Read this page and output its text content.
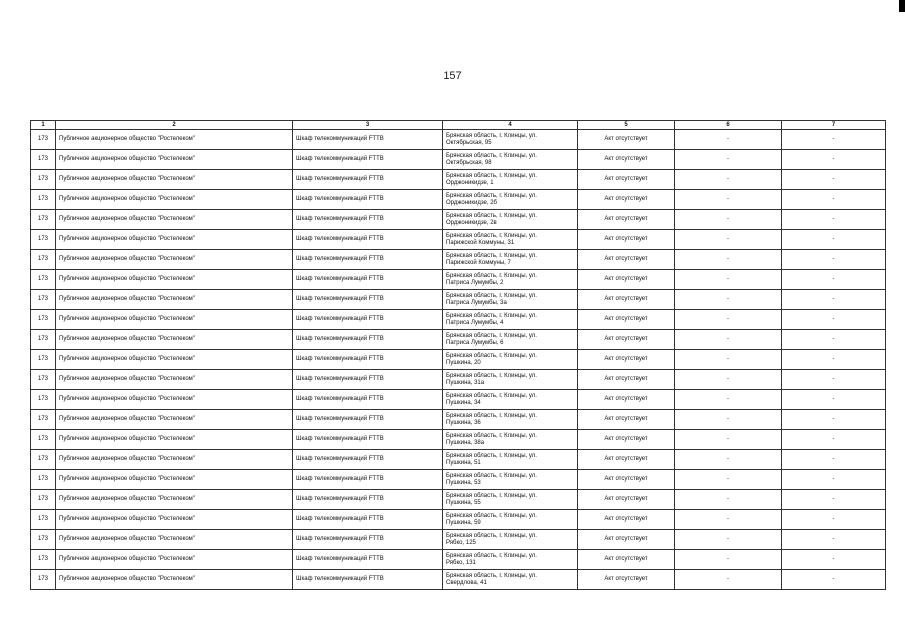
157
1	2	3	4	5	6	7
173	Публичное акционерное общество "Ростелеком"	Шкаф телекоммуникаций FTTB	Брянская область, г. Клинцы, ул.
Октябрьская, 95	Акт отсутствует	-	-
173	Публичное акционерное общество "Ростелеком"	Шкаф телекоммуникаций FTTB	Брянская область, г. Клинцы, ул.
Октябрьская, 98	Акт отсутствует	-	-
173	Публичное акционерное общество "Ростелеком"	Шкаф телекоммуникаций FTTB	Брянская область, г. Клинцы, ул.
Орджоникидзе, 1	Акт отсутствует	-	-
173	Публичное акционерное общество "Ростелеком"	Шкаф телекоммуникаций FTTB	Брянская область, г. Клинцы, ул.
Орджоникидзе, 2б	Акт отсутствует	-	-
173	Публичное акционерное общество "Ростелеком"	Шкаф телекоммуникаций FTTB	Брянская область, г. Клинцы, ул.
Орджоникидзе, 2в	Акт отсутствует	-	-
173	Публичное акционерное общество "Ростелеком"	Шкаф телекоммуникаций FTTB	Брянская область, г. Клинцы, ул.
Парижской Коммуны, 31	Акт отсутствует	-	-
173	Публичное акционерное общество "Ростелеком"	Шкаф телекоммуникаций FTTB	Брянская область, г. Клинцы, ул.
Парижской Коммуны, 7	Акт отсутствует	-	-
173	Публичное акционерное общество "Ростелеком"	Шкаф телекоммуникаций FTTB	Брянская область, г. Клинцы, ул.
Патриса Лумумбы, 2	Акт отсутствует	-	-
173	Публичное акционерное общество "Ростелеком"	Шкаф телекоммуникаций FTTB	Брянская область, г. Клинцы, ул.
Патриса Лумумбы, 3а	Акт отсутствует	-	-
173	Публичное акционерное общество "Ростелеком"	Шкаф телекоммуникаций FTTB	Брянская область, г. Клинцы, ул.
Патриса Лумумбы, 4	Акт отсутствует	-	-
173	Публичное акционерное общество "Ростелеком"	Шкаф телекоммуникаций FTTB	Брянская область, г. Клинцы, ул.
Патриса Лумумбы, 6	Акт отсутствует	-	-
173	Публичное акционерное общество "Ростелеком"	Шкаф телекоммуникаций FTTB	Брянская область, г. Клинцы, ул.
Пушкина, 20	Акт отсутствует	-	-
173	Публичное акционерное общество "Ростелеком"	Шкаф телекоммуникаций FTTB	Брянская область, г. Клинцы, ул.
Пушкина, 31а	Акт отсутствует	-	-
173	Публичное акционерное общество "Ростелеком"	Шкаф телекоммуникаций FTTB	Брянская область, г. Клинцы, ул.
Пушкина, 34	Акт отсутствует	-	-
173	Публичное акционерное общество "Ростелеком"	Шкаф телекоммуникаций FTTB	Брянская область, г. Клинцы, ул.
Пушкина, 36	Акт отсутствует	-	-
173	Публичное акционерное общество "Ростелеком"	Шкаф телекоммуникаций FTTB	Брянская область, г. Клинцы, ул.
Пушкина, 38а	Акт отсутствует	-	-
173	Публичное акционерное общество "Ростелеком"	Шкаф телекоммуникаций FTTB	Брянская область, г. Клинцы, ул.
Пушкина, 51	Акт отсутствует	-	-
173	Публичное акционерное общество "Ростелеком"	Шкаф телекоммуникаций FTTB	Брянская область, г. Клинцы, ул.
Пушкина, 53	Акт отсутствует	-	-
173	Публичное акционерное общество "Ростелеком"	Шкаф телекоммуникаций FTTB	Брянская область, г. Клинцы, ул.
Пушкина, 55	Акт отсутствует	-	-
173	Публичное акционерное общество "Ростелеком"	Шкаф телекоммуникаций FTTB	Брянская область, г. Клинцы, ул.
Пушкина, 59	Акт отсутствует	-	-
173	Публичное акционерное общество "Ростелеком"	Шкаф телекоммуникаций FTTB	Брянская область, г. Клинцы, ул.
Рябко, 125	Акт отсутствует	-	-
173	Публичное акционерное общество "Ростелеком"	Шкаф телекоммуникаций FTTB	Брянская область, г. Клинцы, ул.
Рябко, 131	Акт отсутствует	-	-
173	Публичное акционерное общество "Ростелеком"	Шкаф телекоммуникаций FTTB	Брянская область, г. Клинцы, ул.
Свердлова, 41	Акт отсутствует	-	-
